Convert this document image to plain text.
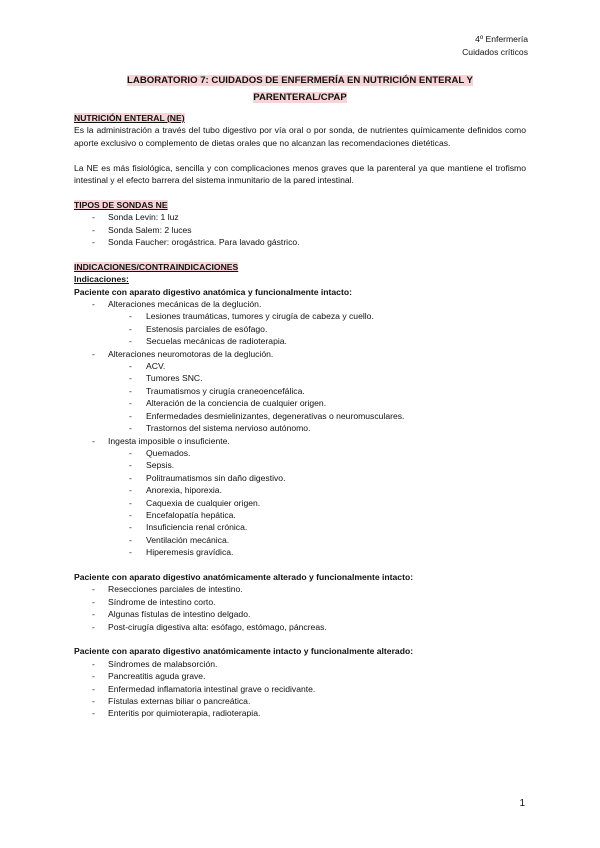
4º Enfermería
Cuidados críticos
LABORATORIO 7: CUIDADOS DE ENFERMERÍA EN NUTRICIÓN ENTERAL Y
PARENTERAL/CPAP
NUTRICIÓN ENTERAL (NE)

Es la administración a través del tubo digestivo por vía oral o por sonda, de nutrientes químicamente definidos como aporte exclusivo o complemento de dietas orales que no alcanzan las recomendaciones dietéticas.

La NE es más fisiológica, sencilla y con complicaciones menos graves que la parenteral ya que mantiene el trofismo intestinal y el efecto barrera del sistema inmunitario de la pared intestinal.

TIPOS DE SONDAS NE
- Sonda Levin: 1 luz
- Sonda Salem: 2 luces
- Sonda Faucher: orogástrica. Para lavado gástrico.
INDICACIONES/CONTRAINDICACIONES
Indicaciones:
Paciente con aparato digestivo anatómica y funcionalmente intacto:
- Alteraciones mecánicas de la deglución.
- Lesiones traumáticas, tumores y cirugía de cabeza y cuello.
- Estenosis parciales de esófago.
- Secuelas mecánicas de radioterapia.
- Alteraciones neuromotoras de la deglución.
- ACV.
- Tumores SNC.
- Traumatismos y cirugía craneoencefálica.
- Alteración de la conciencia de cualquier origen.
- Enfermedades desmielinizantes, degenerativas o neuromusculares.
- Trastornos del sistema nervioso autónomo.
- Ingesta imposible o insuficiente.
- Quemados.
- Sepsis.
- Politraumatismos sin daño digestivo.
- Anorexia, hiporexia.
- Caquexia de cualquier origen.
- Encefalopatía hepática.
- Insuficiencia renal crónica.
- Ventilación mecánica.
- Hiperemesis gravídica.
Paciente con aparato digestivo anatómicamente alterado y funcionalmente intacto:
- Resecciones parciales de intestino.
- Síndrome de intestino corto.
- Algunas fístulas de intestino delgado.
- Post-cirugía digestiva alta: esófago, estómago, páncreas.
Paciente con aparato digestivo anatómicamente intacto y funcionalmente alterado:
- Síndromes de malabsorción.
- Pancreatitis aguda grave.
- Enfermedad inflamatoria intestinal grave o recidivante.
- Fístulas externas biliar o pancreática.
- Enteritis por quimioterapia, radioterapia.
1
